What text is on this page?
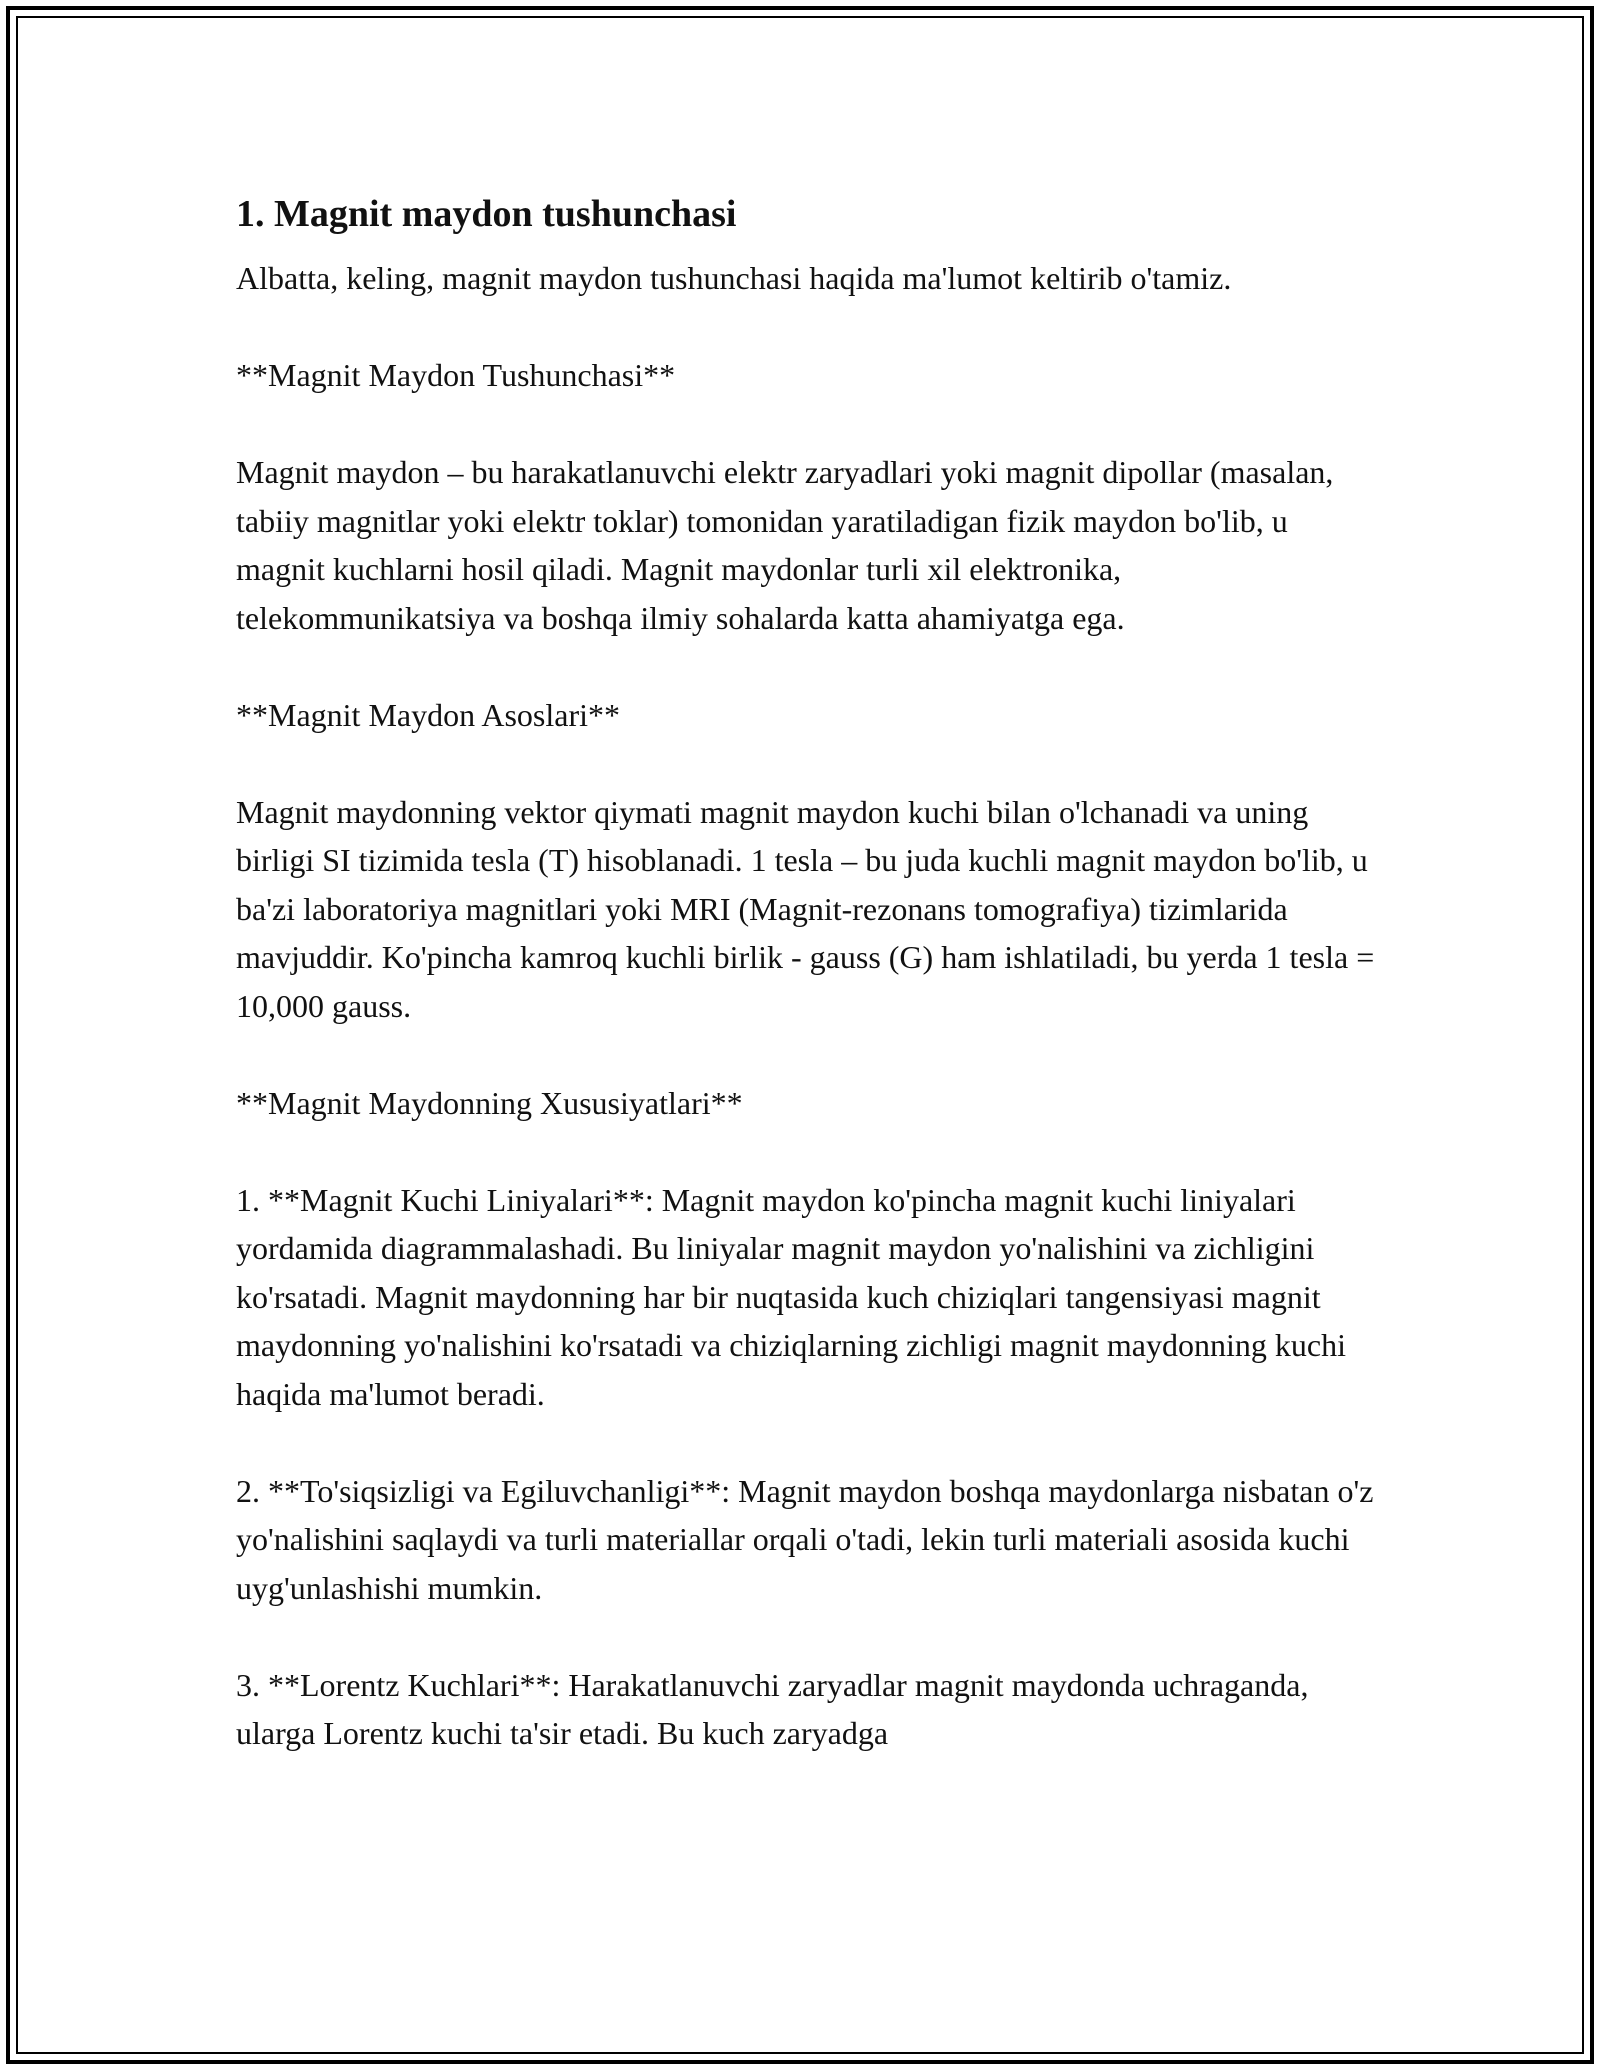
1. Magnit maydon tushunchasi

Albatta, keling, magnit maydon tushunchasi haqida ma'lumot keltirib o'tamiz.

**Magnit Maydon Tushunchasi**

Magnit maydon – bu harakatlanuvchi elektr zaryadlari yoki magnit dipollar (masalan, tabiiy magnitlar yoki elektr toklar) tomonidan yaratiladigan fizik maydon bo'lib, u magnit kuchlarni hosil qiladi. Magnit maydonlar turli xil elektronika, telekommunikatsiya va boshqa ilmiy sohalarda katta ahamiyatga ega.

**Magnit Maydon Asoslari**

Magnit maydonning vektor qiymati magnit maydon kuchi bilan o'lchanadi va uning birligi SI tizimida tesla (T) hisoblanadi. 1 tesla – bu juda kuchli magnit maydon bo'lib, u ba'zi laboratoriya magnitlari yoki MRI (Magnit-rezonans tomografiya) tizimlarida mavjuddir. Ko'pincha kamroq kuchli birlik - gauss (G) ham ishlatiladi, bu yerda 1 tesla = 10,000 gauss.

**Magnit Maydonning Xususiyatlari**

1. **Magnit Kuchi Liniyalari**: Magnit maydon ko'pincha magnit kuchi liniyalari yordamida diagrammalashadi. Bu liniyalar magnit maydon yo'nalishini va zichligini ko'rsatadi. Magnit maydonning har bir nuqtasida kuch chiziqlari tangensiyasi magnit maydonning yo'nalishini ko'rsatadi va chiziqlarning zichligi magnit maydonning kuchi haqida ma'lumot beradi.

2. **To'siqsizligi va Egiluvchanligi**: Magnit maydon boshqa maydonlarga nisbatan o'z yo'nalishini saqlaydi va turli materiallar orqali o'tadi, lekin turli materiali asosida kuchi uyg'unlashishi mumkin.

3. **Lorentz Kuchlari**: Harakatlanuvchi zaryadlar magnit maydonda uchraganda, ularga Lorentz kuchi ta'sir etadi. Bu kuch zaryadga
